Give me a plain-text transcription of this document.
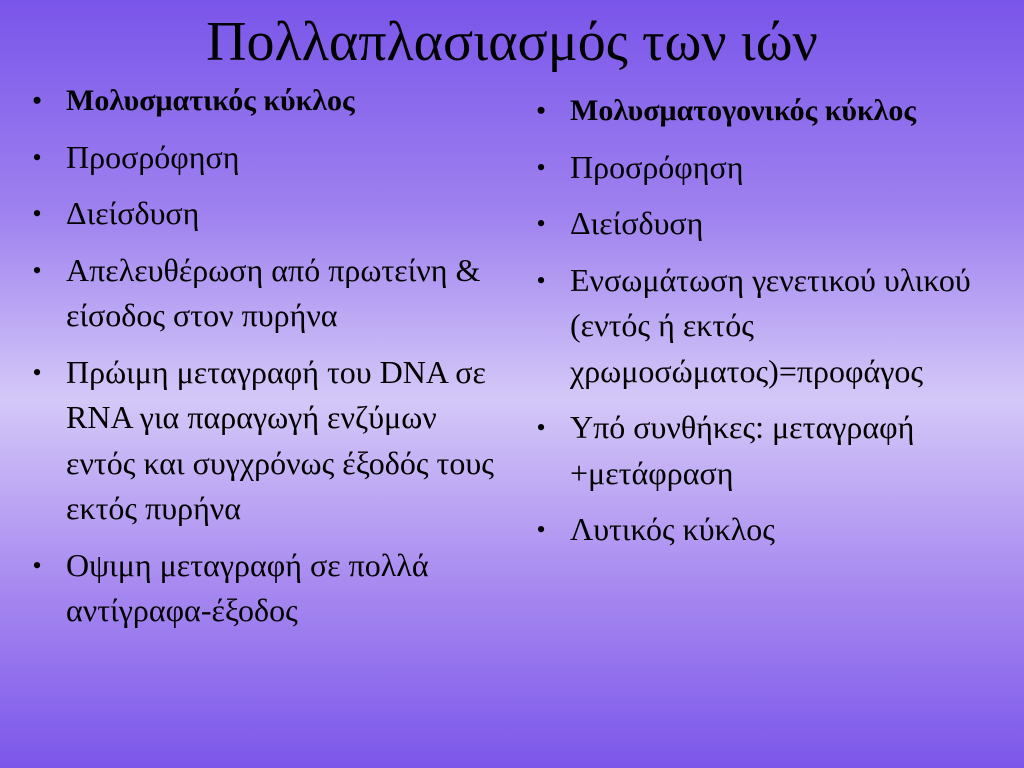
Πολλαπλασιασμός των ιών
• Μολυσματικός κύκλος
• Προσρόφηση
• Διείσδυση
• Απελευθέρωση από πρωτείνη & είσοδος στον πυρήνα
• Πρώιμη μεταγραφή του DNA σε RNA για παραγωγή ενζύμων εντός και συγχρόνως έξοδός τους εκτός πυρήνα
• Οψιμη μεταγραφή σε πολλά αντίγραφα-έξοδος
• Μολυσματογονικός κύκλος
• Προσρόφηση
• Διείσδυση
• Ενσωμάτωση γενετικού υλικού (εντός ή εκτός χρωμοσώματος)=προφάγος
• Υπό συνθήκες: μεταγραφή +μετάφραση
• Λυτικός κύκλος
